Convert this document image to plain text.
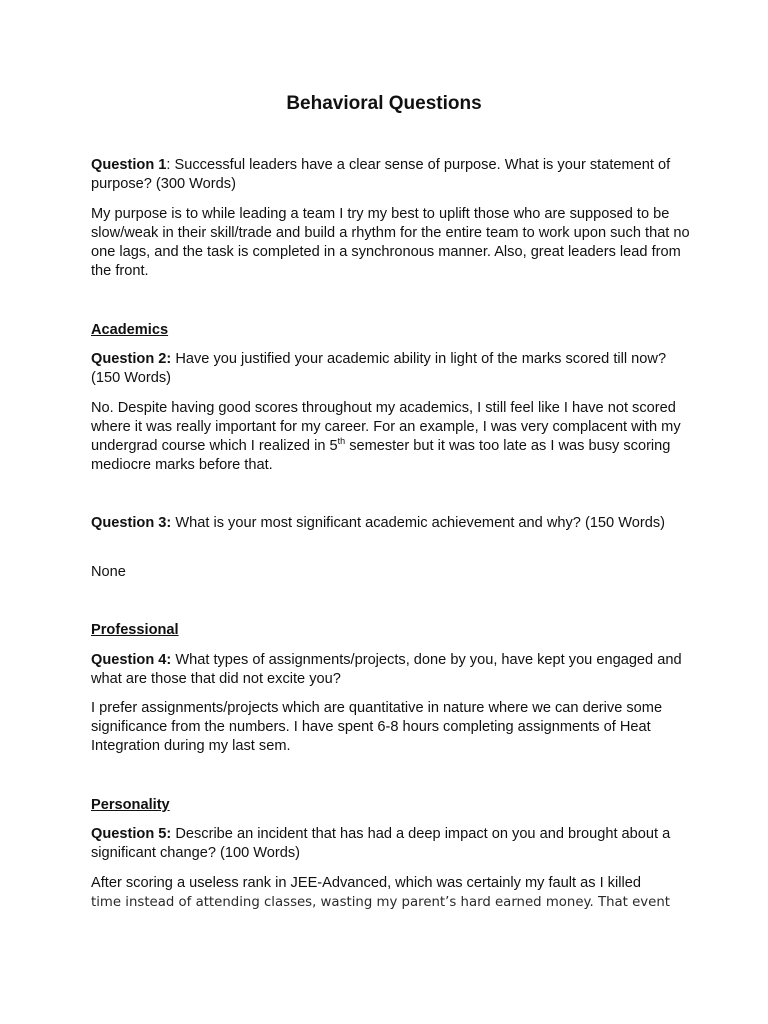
Behavioral Questions

Question 1: Successful leaders have a clear sense of purpose. What is your statement of purpose? (300 Words)

My purpose is to while leading a team I try my best to uplift those who are supposed to be slow/weak in their skill/trade and build a rhythm for the entire team to work upon such that no one lags, and the task is completed in a synchronous manner. Also, great leaders lead from the front.

Academics

Question 2: Have you justified your academic ability in light of the marks scored till now? (150 Words)

No. Despite having good scores throughout my academics, I still feel like I have not scored where it was really important for my career. For an example, I was very complacent with my undergrad course which I realized in 5th semester but it was too late as I was busy scoring mediocre marks before that.

Question 3: What is your most significant academic achievement and why? (150 Words)

None

Professional

Question 4: What types of assignments/projects, done by you, have kept you engaged and what are those that did not excite you?

I prefer assignments/projects which are quantitative in nature where we can derive some significance from the numbers. I have spent 6-8 hours completing assignments of Heat Integration during my last sem.

Personality

Question 5: Describe an incident that has had a deep impact on you and brought about a significant change? (100 Words)

After scoring a useless rank in JEE-Advanced, which was certainly my fault as I killed

time instead of attending classes, wasting my parent’s hard earned money. That event
